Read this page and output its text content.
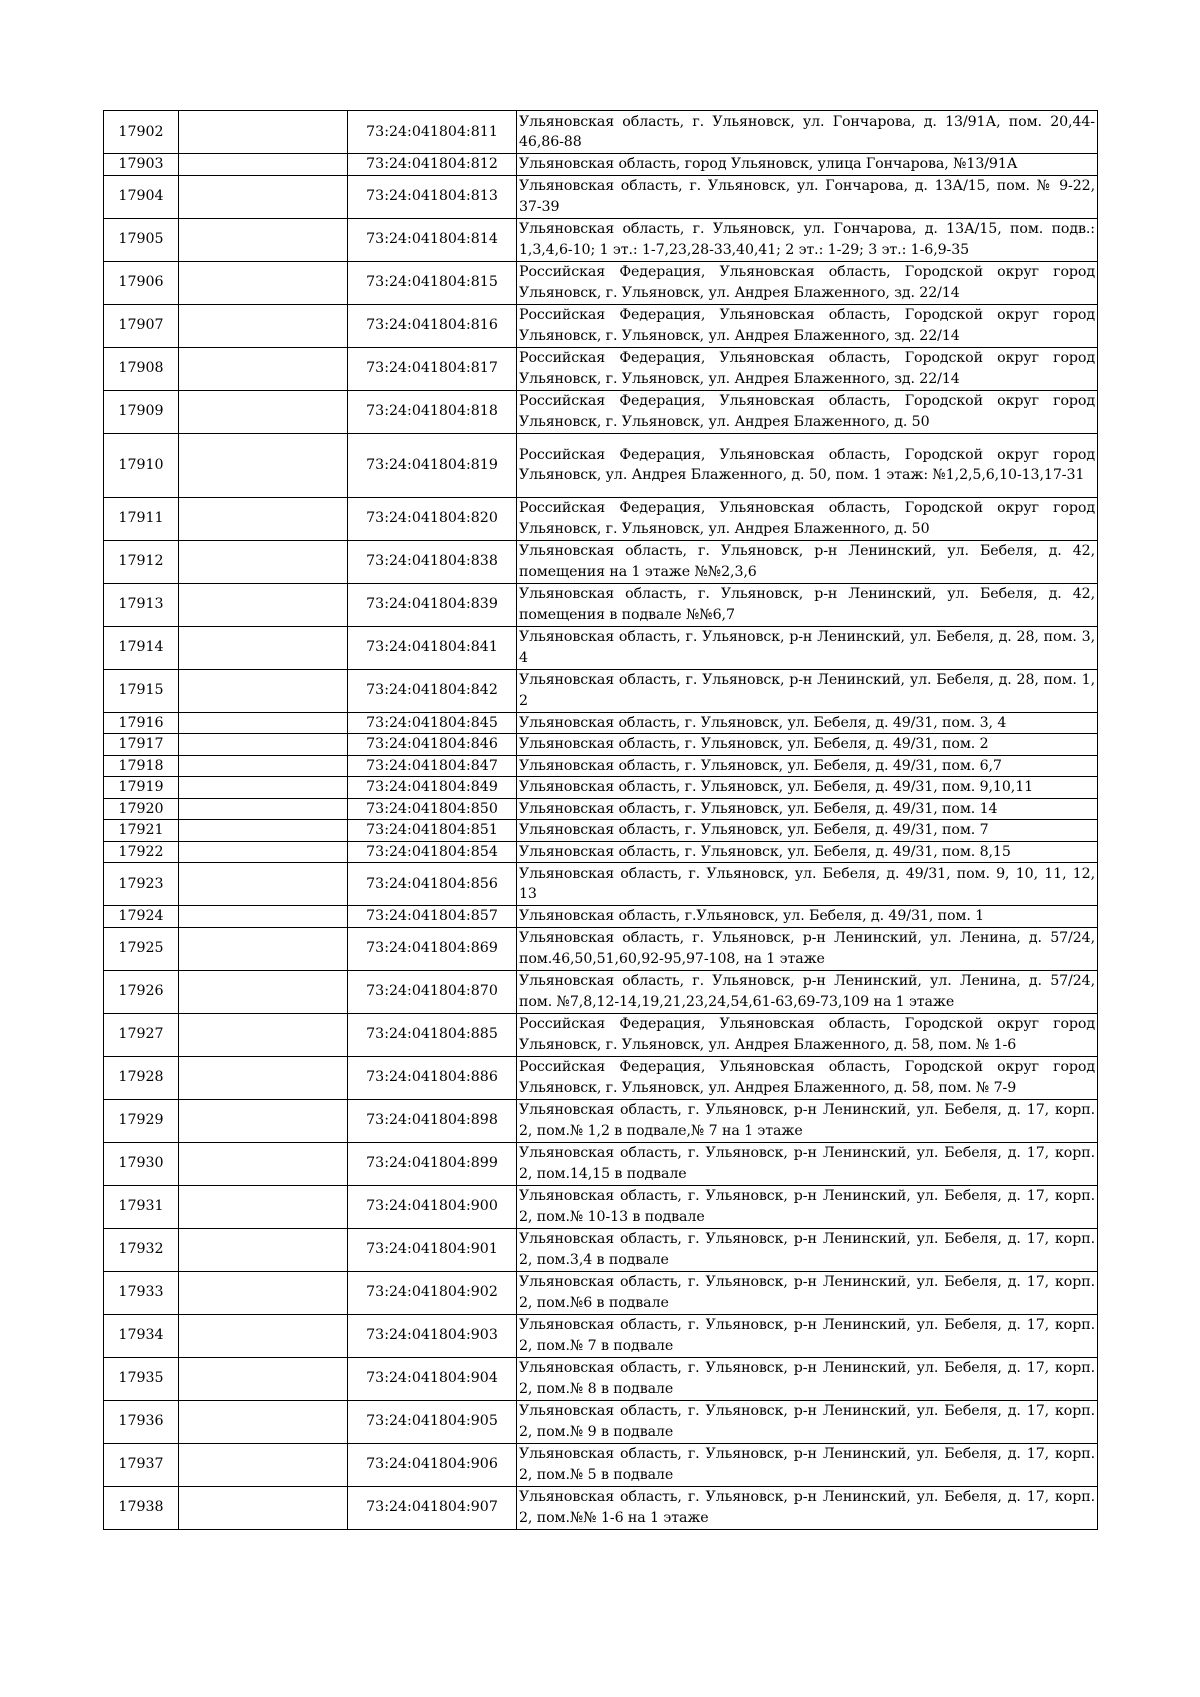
17902		73:24:041804:811	Ульяновская область, г. Ульяновск, ул. Гончарова, д. 13/91А, пом. 20,44-46,86-88
17903		73:24:041804:812	Ульяновская область, город Ульяновск, улица Гончарова, №13/91А
17904		73:24:041804:813	Ульяновская область, г. Ульяновск, ул. Гончарова, д. 13А/15, пом. № 9-22, 37-39
17905		73:24:041804:814	Ульяновская область, г. Ульяновск, ул. Гончарова, д. 13А/15, пом. подв.: 1,3,4,6-10; 1 эт.: 1-7,23,28-33,40,41; 2 эт.: 1-29; 3 эт.: 1-6,9-35
17906		73:24:041804:815	Российская Федерация, Ульяновская область, Городской округ город Ульяновск, г. Ульяновск, ул. Андрея Блаженного, зд. 22/14
17907		73:24:041804:816	Российская Федерация, Ульяновская область, Городской округ город Ульяновск, г. Ульяновск, ул. Андрея Блаженного, зд. 22/14
17908		73:24:041804:817	Российская Федерация, Ульяновская область, Городской округ город Ульяновск, г. Ульяновск, ул. Андрея Блаженного, зд. 22/14
17909		73:24:041804:818	Российская Федерация, Ульяновская область, Городской округ город Ульяновск, г. Ульяновск, ул. Андрея Блаженного, д. 50
17910		73:24:041804:819	Российская Федерация, Ульяновская область, Городской округ город Ульяновск, ул. Андрея Блаженного, д. 50, пом. 1 этаж: №1,2,5,6,10-13,17-31
17911		73:24:041804:820	Российская Федерация, Ульяновская область, Городской округ город Ульяновск, г. Ульяновск, ул. Андрея Блаженного, д. 50
17912		73:24:041804:838	Ульяновская область, г. Ульяновск, р-н Ленинский, ул. Бебеля, д. 42, помещения на 1 этаже №№2,3,6
17913		73:24:041804:839	Ульяновская область, г. Ульяновск, р-н Ленинский, ул. Бебеля, д. 42, помещения в подвале №№6,7
17914		73:24:041804:841	Ульяновская область, г. Ульяновск, р-н Ленинский, ул. Бебеля, д. 28, пом. 3, 4
17915		73:24:041804:842	Ульяновская область, г. Ульяновск, р-н Ленинский, ул. Бебеля, д. 28, пом. 1, 2
17916		73:24:041804:845	Ульяновская область, г. Ульяновск, ул. Бебеля, д. 49/31, пом. 3, 4
17917		73:24:041804:846	Ульяновская область, г. Ульяновск, ул. Бебеля, д. 49/31, пом. 2
17918		73:24:041804:847	Ульяновская область, г. Ульяновск, ул. Бебеля, д. 49/31, пом. 6,7
17919		73:24:041804:849	Ульяновская область, г. Ульяновск, ул. Бебеля, д. 49/31, пом. 9,10,11
17920		73:24:041804:850	Ульяновская область, г. Ульяновск, ул. Бебеля, д. 49/31, пом. 14
17921		73:24:041804:851	Ульяновская область, г. Ульяновск, ул. Бебеля, д. 49/31, пом. 7
17922		73:24:041804:854	Ульяновская область, г. Ульяновск, ул. Бебеля, д. 49/31, пом. 8,15
17923		73:24:041804:856	Ульяновская область, г. Ульяновск, ул. Бебеля, д. 49/31, пом. 9, 10, 11, 12, 13
17924		73:24:041804:857	Ульяновская область, г.Ульяновск, ул. Бебеля, д. 49/31, пом. 1
17925		73:24:041804:869	Ульяновская область, г. Ульяновск, р-н Ленинский, ул. Ленина, д. 57/24, пом.46,50,51,60,92-95,97-108, на 1 этаже
17926		73:24:041804:870	Ульяновская область, г. Ульяновск, р-н Ленинский, ул. Ленина, д. 57/24, пом. №7,8,12-14,19,21,23,24,54,61-63,69-73,109 на 1 этаже
17927		73:24:041804:885	Российская Федерация, Ульяновская область, Городской округ город Ульяновск, г. Ульяновск, ул. Андрея Блаженного, д. 58, пом. № 1-6
17928		73:24:041804:886	Российская Федерация, Ульяновская область, Городской округ город Ульяновск, г. Ульяновск, ул. Андрея Блаженного, д. 58, пом. № 7-9
17929		73:24:041804:898	Ульяновская область, г. Ульяновск, р-н Ленинский, ул. Бебеля, д. 17, корп. 2, пом.№ 1,2 в подвале,№ 7 на 1 этаже
17930		73:24:041804:899	Ульяновская область, г. Ульяновск, р-н Ленинский, ул. Бебеля, д. 17, корп. 2, пом.14,15 в подвале
17931		73:24:041804:900	Ульяновская область, г. Ульяновск, р-н Ленинский, ул. Бебеля, д. 17, корп. 2, пом.№ 10-13 в подвале
17932		73:24:041804:901	Ульяновская область, г. Ульяновск, р-н Ленинский, ул. Бебеля, д. 17, корп. 2, пом.3,4 в подвале
17933		73:24:041804:902	Ульяновская область, г. Ульяновск, р-н Ленинский, ул. Бебеля, д. 17, корп. 2, пом.№6 в подвале
17934		73:24:041804:903	Ульяновская область, г. Ульяновск, р-н Ленинский, ул. Бебеля, д. 17, корп. 2, пом.№ 7 в подвале
17935		73:24:041804:904	Ульяновская область, г. Ульяновск, р-н Ленинский, ул. Бебеля, д. 17, корп. 2, пом.№ 8 в подвале
17936		73:24:041804:905	Ульяновская область, г. Ульяновск, р-н Ленинский, ул. Бебеля, д. 17, корп. 2, пом.№ 9 в подвале
17937		73:24:041804:906	Ульяновская область, г. Ульяновск, р-н Ленинский, ул. Бебеля, д. 17, корп. 2, пом.№ 5 в подвале
17938		73:24:041804:907	Ульяновская область, г. Ульяновск, р-н Ленинский, ул. Бебеля, д. 17, корп. 2, пом.№№ 1-6 на 1 этаже
